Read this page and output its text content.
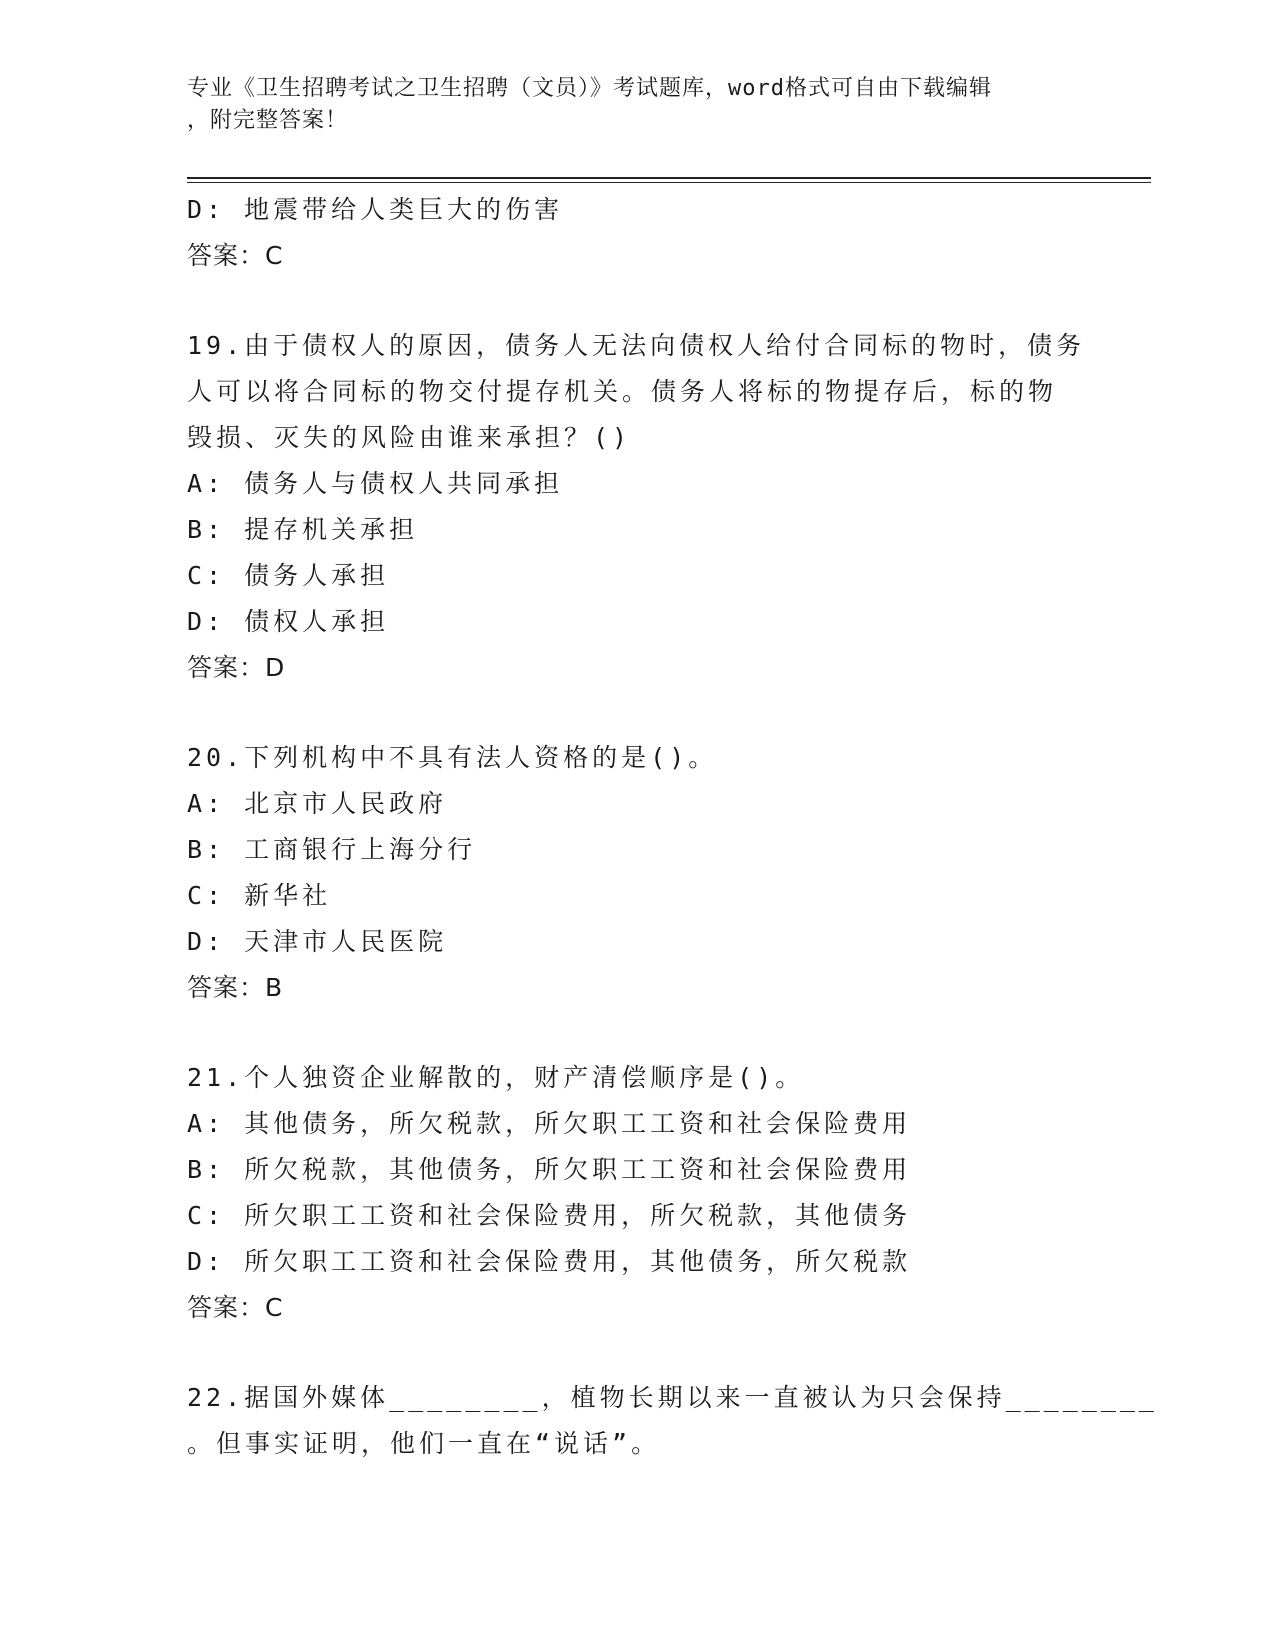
专业《卫生招聘考试之卫生招聘（文员）》考试题库，word格式可自由下载编辑
，附完整答案！
D: 地震带给人类巨大的伤害
答案：C
19.由于债权人的原因，债务人无法向债权人给付合同标的物时，债务
人可以将合同标的物交付提存机关。债务人将标的物提存后，标的物
毁损、灭失的风险由谁来承担？()
A: 债务人与债权人共同承担
B: 提存机关承担
C: 债务人承担
D: 债权人承担
答案：D
20.下列机构中不具有法人资格的是()。
A: 北京市人民政府
B: 工商银行上海分行
C: 新华社
D: 天津市人民医院
答案：B
21.个人独资企业解散的，财产清偿顺序是()。
A: 其他债务，所欠税款，所欠职工工资和社会保险费用
B: 所欠税款，其他债务，所欠职工工资和社会保险费用
C: 所欠职工工资和社会保险费用，所欠税款，其他债务
D: 所欠职工工资和社会保险费用，其他债务，所欠税款
答案：C
22.据国外媒体________，植物长期以来一直被认为只会保持________
。但事实证明，他们一直在“说话”。
